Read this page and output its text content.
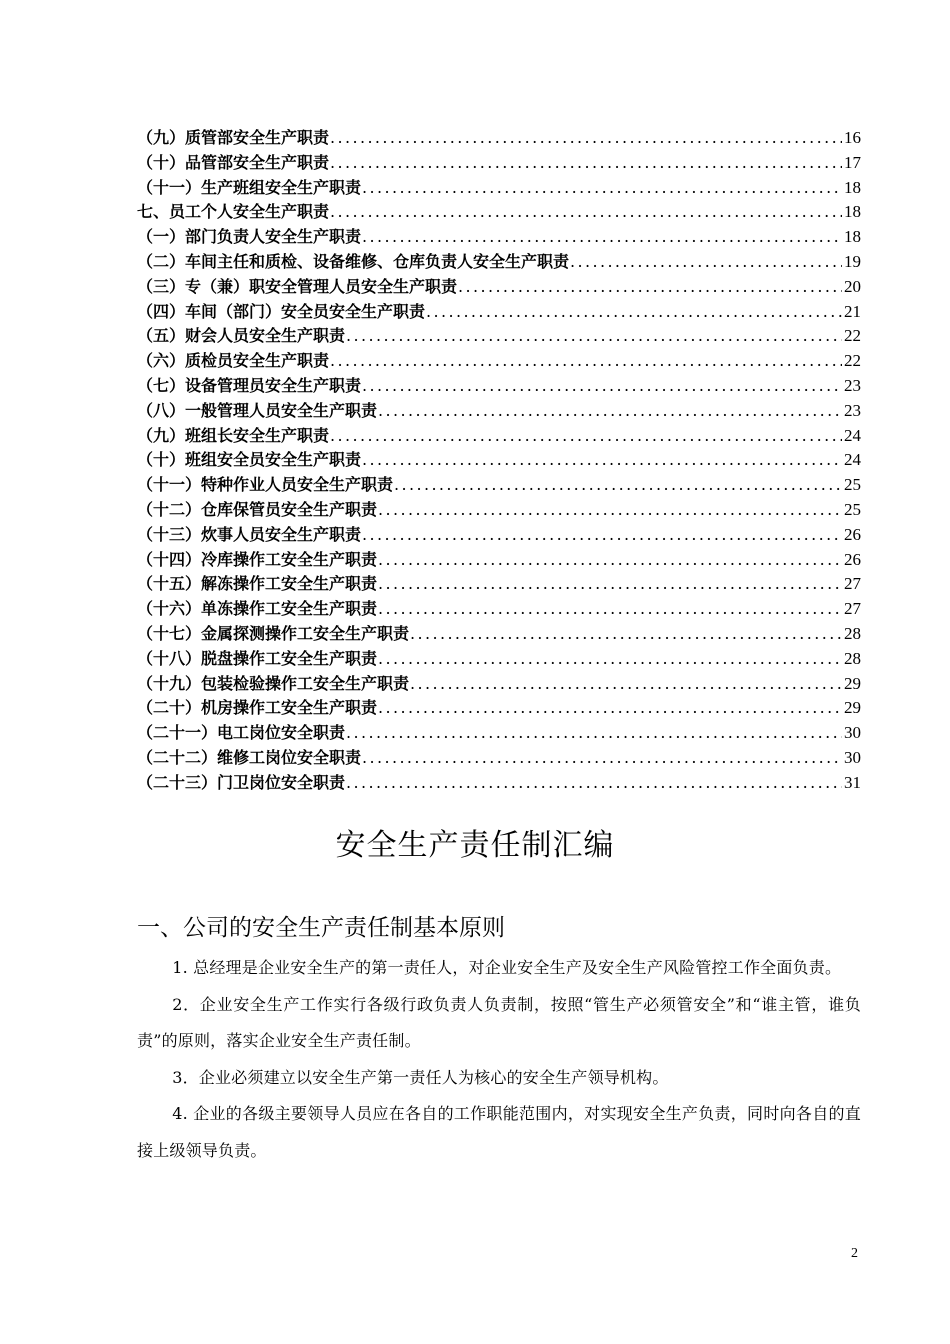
（九）质管部安全生产职责 .....	16
（十）品管部安全生产职责 .....	17
（十一）生产班组安全生产职责 .....	18
七、员工个人安全生产职责 .....	18
（一）部门负责人安全生产职责 .....	18
（二）车间主任和质检、设备维修、仓库负责人安全生产职责 .....	19
（三）专（兼）职安全管理人员安全生产职责 .....	20
（四）车间（部门）安全员安全生产职责 .....	21
（五）财会人员安全生产职责 .....	22
（六）质检员安全生产职责 .....	22
（七）设备管理员安全生产职责 .....	23
（八）一般管理人员安全生产职责 .....	23
（九）班组长安全生产职责 .....	24
（十）班组安全员安全生产职责 .....	24
（十一）特种作业人员安全生产职责 .....	25
（十二）仓库保管员安全生产职责 .....	25
（十三）炊事人员安全生产职责 .....	26
（十四）冷库操作工安全生产职责 .....	26
（十五）解冻操作工安全生产职责 .....	27
（十六）单冻操作工安全生产职责 .....	27
（十七）金属探测操作工安全生产职责 .....	28
（十八）脱盘操作工安全生产职责 .....	28
（十九）包装检验操作工安全生产职责 .....	29
（二十）机房操作工安全生产职责 .....	29
（二十一）电工岗位安全职责 .....	30
（二十二）维修工岗位安全职责 .....	30
（二十三）门卫岗位安全职责 .....	31
安全生产责任制汇编
一、公司的安全生产责任制基本原则

1. 总经理是企业安全生产的第一责任人，对企业安全生产及安全生产风险管控工作全面负责。

2．企业安全生产工作实行各级行政负责人负责制，按照“管生产必须管安全”和“谁主管，谁负责”的原则，落实企业安全生产责任制。

3．企业必须建立以安全生产第一责任人为核心的安全生产领导机构。

4. 企业的各级主要领导人员应在各自的工作职能范围内，对实现安全生产负责，同时向各自的直接上级领导负责。

2
